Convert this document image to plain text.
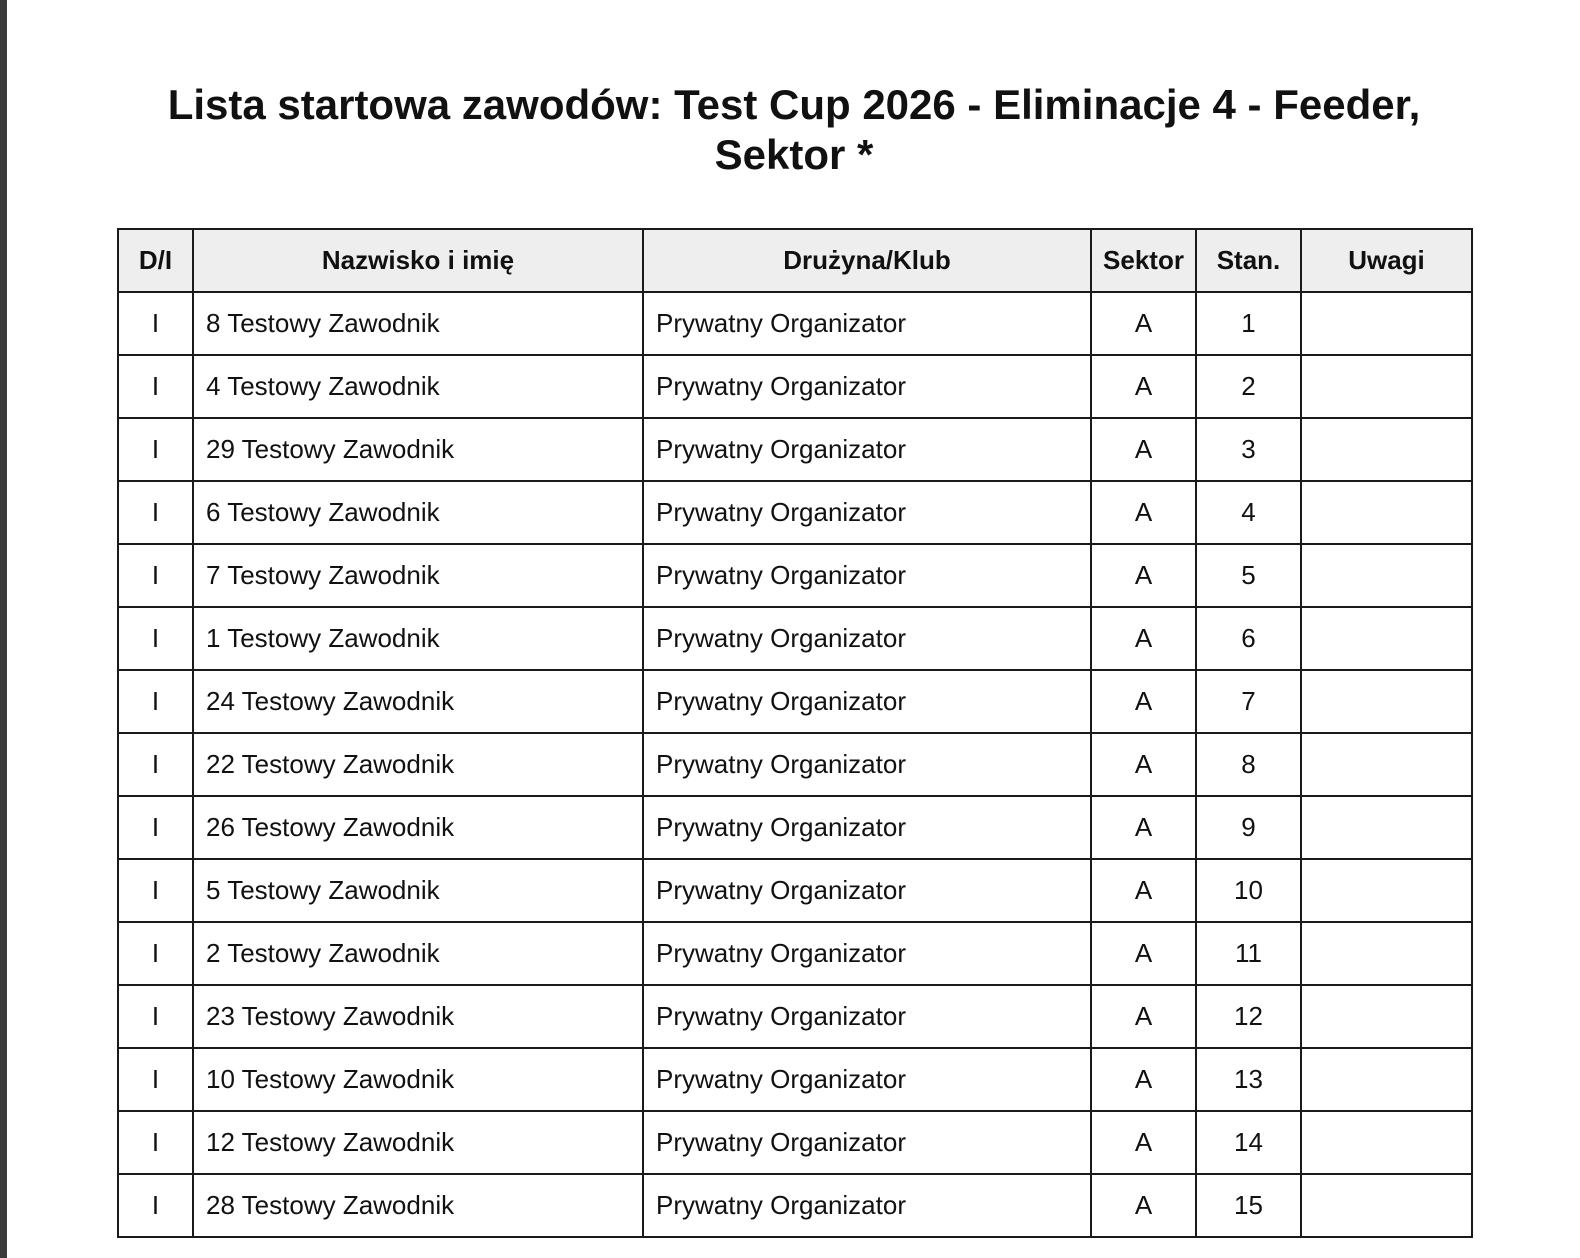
Lista startowa zawodów: Test Cup 2026 - Eliminacje 4 - Feeder, Sektor *
D/I	Nazwisko i imię	Drużyna/Klub	Sektor	Stan.	Uwagi
I	8 Testowy Zawodnik	Prywatny Organizator	A	1	
I	4 Testowy Zawodnik	Prywatny Organizator	A	2	
I	29 Testowy Zawodnik	Prywatny Organizator	A	3	
I	6 Testowy Zawodnik	Prywatny Organizator	A	4	
I	7 Testowy Zawodnik	Prywatny Organizator	A	5	
I	1 Testowy Zawodnik	Prywatny Organizator	A	6	
I	24 Testowy Zawodnik	Prywatny Organizator	A	7	
I	22 Testowy Zawodnik	Prywatny Organizator	A	8	
I	26 Testowy Zawodnik	Prywatny Organizator	A	9	
I	5 Testowy Zawodnik	Prywatny Organizator	A	10	
I	2 Testowy Zawodnik	Prywatny Organizator	A	11	
I	23 Testowy Zawodnik	Prywatny Organizator	A	12	
I	10 Testowy Zawodnik	Prywatny Organizator	A	13	
I	12 Testowy Zawodnik	Prywatny Organizator	A	14	
I	28 Testowy Zawodnik	Prywatny Organizator	A	15	
